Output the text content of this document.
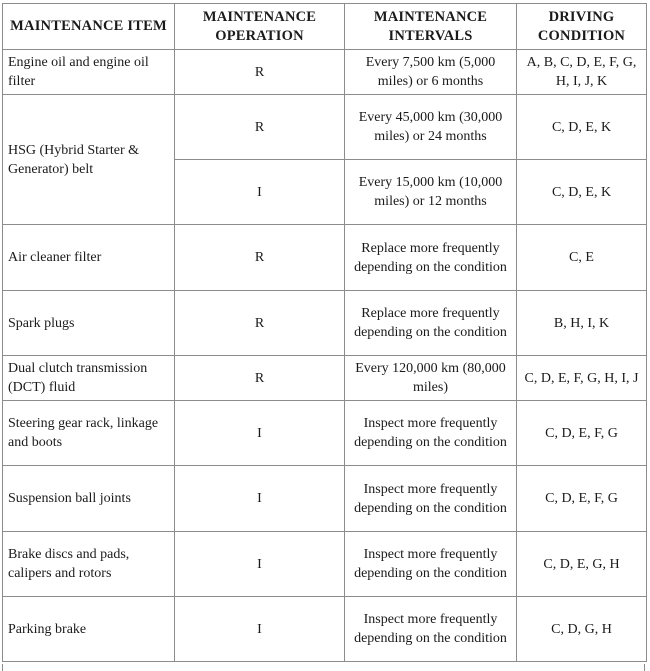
MAINTENANCE ITEM	MAINTENANCE OPERATION	MAINTENANCE INTERVALS	DRIVING CONDITION
Engine oil and engine oil filter	R	Every 7,500 km (5,000 miles) or 6 months	A, B, C, D, E, F, G, H, I, J, K
HSG (Hybrid Starter & Generator) belt	R	Every 45,000 km (30,000 miles) or 24 months	C, D, E, K
	I	Every 15,000 km (10,000 miles) or 12 months	C, D, E, K
Air cleaner filter	R	Replace more frequently depending on the condition	C, E
Spark plugs	R	Replace more frequently depending on the condition	B, H, I, K
Dual clutch transmission (DCT) fluid	R	Every 120,000 km (80,000 miles)	C, D, E, F, G, H, I, J
Steering gear rack, linkage and boots	I	Inspect more frequently depending on the condition	C, D, E, F, G
Suspension ball joints	I	Inspect more frequently depending on the condition	C, D, E, F, G
Brake discs and pads, calipers and rotors	I	Inspect more frequently depending on the condition	C, D, E, G, H
Parking brake	I	Inspect more frequently depending on the condition	C, D, G, H
